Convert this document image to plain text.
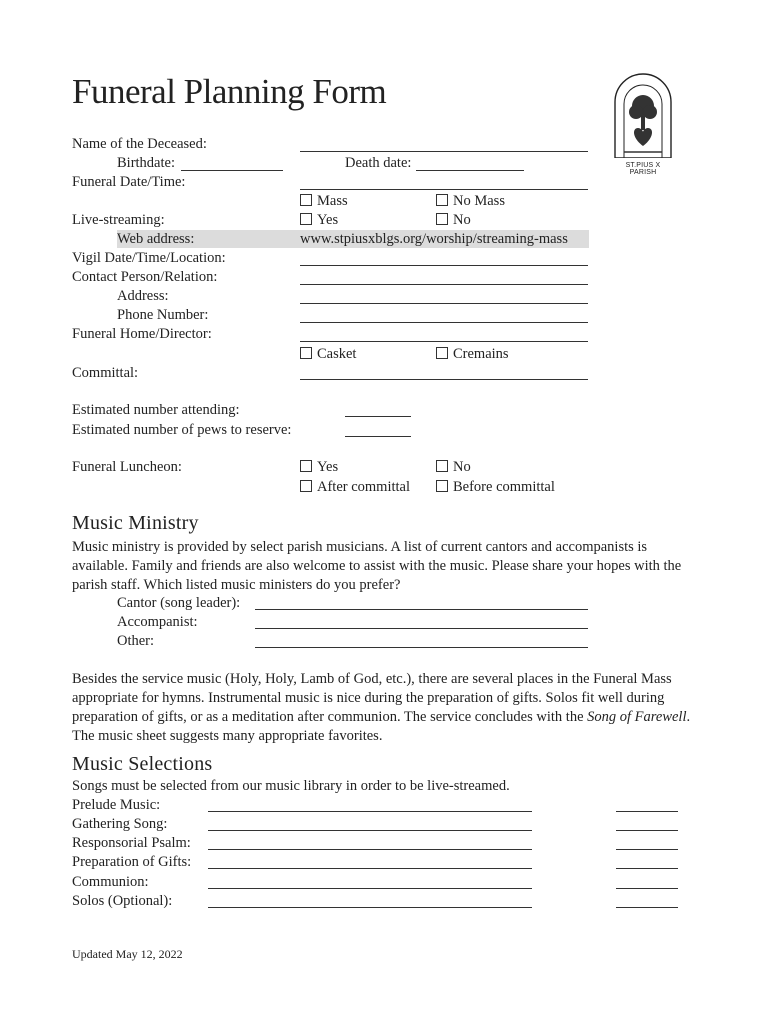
Funeral Planning Form
ST.PIUS X PARISH
Name of the Deceased:
Birthdate:	Death date:
Funeral Date/Time:
Mass	No Mass
Live-streaming:	Yes	No
Web address:	www.stpiusxblgs.org/worship/streaming-mass
Vigil Date/Time/Location:
Contact Person/Relation:
Address:
Phone Number:
Funeral Home/Director:
Casket	Cremains
Committal:
Estimated number attending:
Estimated number of pews to reserve:
Funeral Luncheon:	Yes	No
After committal	Before committal
Music Ministry
Music ministry is provided by select parish musicians. A list of current cantors and accompanists is available. Family and friends are also welcome to assist with the music. Please share your hopes with the parish staff. Which listed music ministers do you prefer?
Cantor (song leader):
Accompanist:
Other:
Besides the service music (Holy, Holy, Lamb of God, etc.), there are several places in the Funeral Mass appropriate for hymns. Instrumental music is nice during the preparation of gifts. Solos fit well during preparation of gifts, or as a meditation after communion. The service concludes with the Song of Farewell. The music sheet suggests many appropriate favorites.
Music Selections
Songs must be selected from our music library in order to be live-streamed.
Prelude Music:
Gathering Song:
Responsorial Psalm:
Preparation of Gifts:
Communion:
Solos (Optional):
Updated May 12, 2022
